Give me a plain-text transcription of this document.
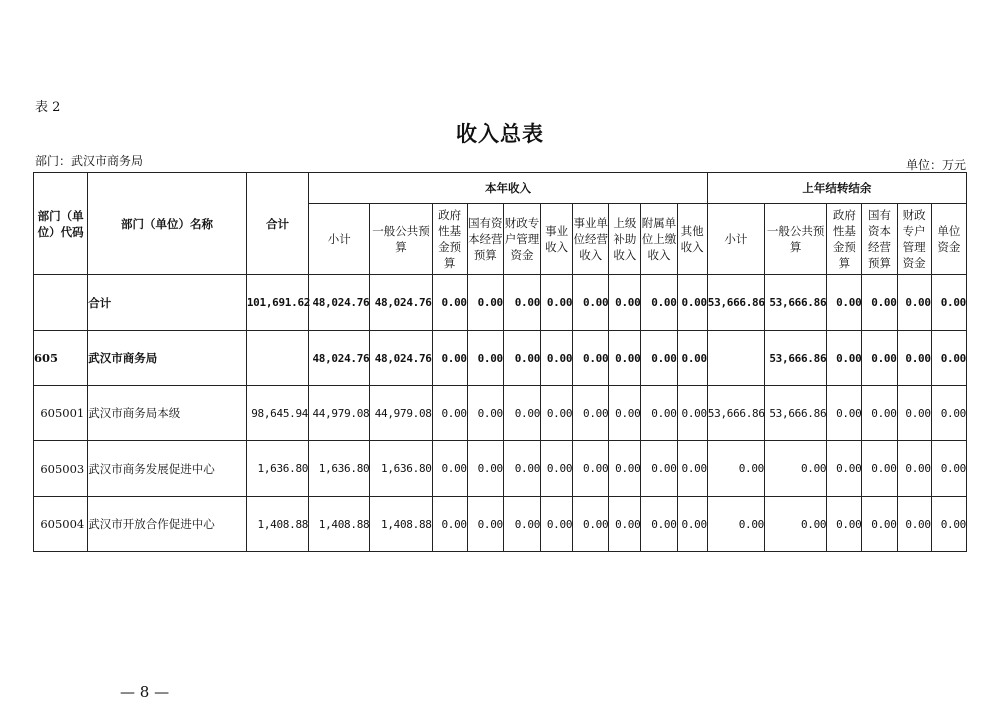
表 2
收入总表
部门：武汉市商务局	单位：万元
部门（单位）代码	部门（单位）名称	合计	本年收入										上年结转结余					
			小计	一般公共预算	政府性基金预算	国有资本经营预算	财政专户管理资金	事业收入	事业单位经营收入	上级补助收入	附属单位上缴收入	其他收入	小计	一般公共预算	政府性基金预算	国有资本经营预算	财政专户管理资金	单位资金
	合计	101,691.62	48,024.76	48,024.76	0.00	0.00	0.00	0.00	0.00	0.00	0.00	0.00	53,666.86	53,666.86	0.00	0.00	0.00	0.00
605	武汉市商务局		48,024.76	48,024.76	0.00	0.00	0.00	0.00	0.00	0.00	0.00	0.00		53,666.86	0.00	0.00	0.00	0.00
605001	武汉市商务局本级	98,645.94	44,979.08	44,979.08	0.00	0.00	0.00	0.00	0.00	0.00	0.00	0.00	53,666.86	53,666.86	0.00	0.00	0.00	0.00
605003	武汉市商务发展促进中心	1,636.80	1,636.80	1,636.80	0.00	0.00	0.00	0.00	0.00	0.00	0.00	0.00	0.00	0.00	0.00	0.00	0.00	0.00
605004	武汉市开放合作促进中心	1,408.88	1,408.88	1,408.88	0.00	0.00	0.00	0.00	0.00	0.00	0.00	0.00	0.00	0.00	0.00	0.00	0.00	0.00
— 8 —
